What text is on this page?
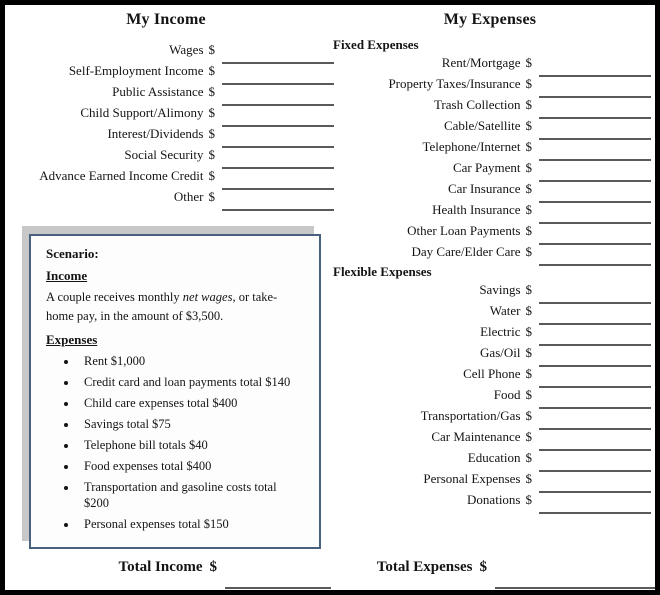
My Income	My Expenses
Wages $
Self-Employment Income $
Public Assistance $
Child Support/Alimony $
Interest/Dividends $
Social Security $
Advance Earned Income Credit $
Other $
Fixed Expenses
Rent/Mortgage $
Property Taxes/Insurance $
Trash Collection $
Cable/Satellite $
Telephone/Internet $
Car Payment $
Car Insurance $
Health Insurance $
Other Loan Payments $
Day Care/Elder Care $
Flexible Expenses
Savings $
Water $
Electric $
Gas/Oil $
Cell Phone $
Food $
Transportation/Gas $
Car Maintenance $
Education $
Personal Expenses $
Donations $
Scenario:
Income

A couple receives monthly net wages, or take-home pay, in the amount of $3,500.

Expenses
• Rent $1,000
• Credit card and loan payments total $140
• Child care expenses total $400
• Savings total $75
• Telephone bill totals $40
• Food expenses total $400
• Transportation and gasoline costs total $200
• Personal expenses total $150
Total Income $	Total Expenses $
